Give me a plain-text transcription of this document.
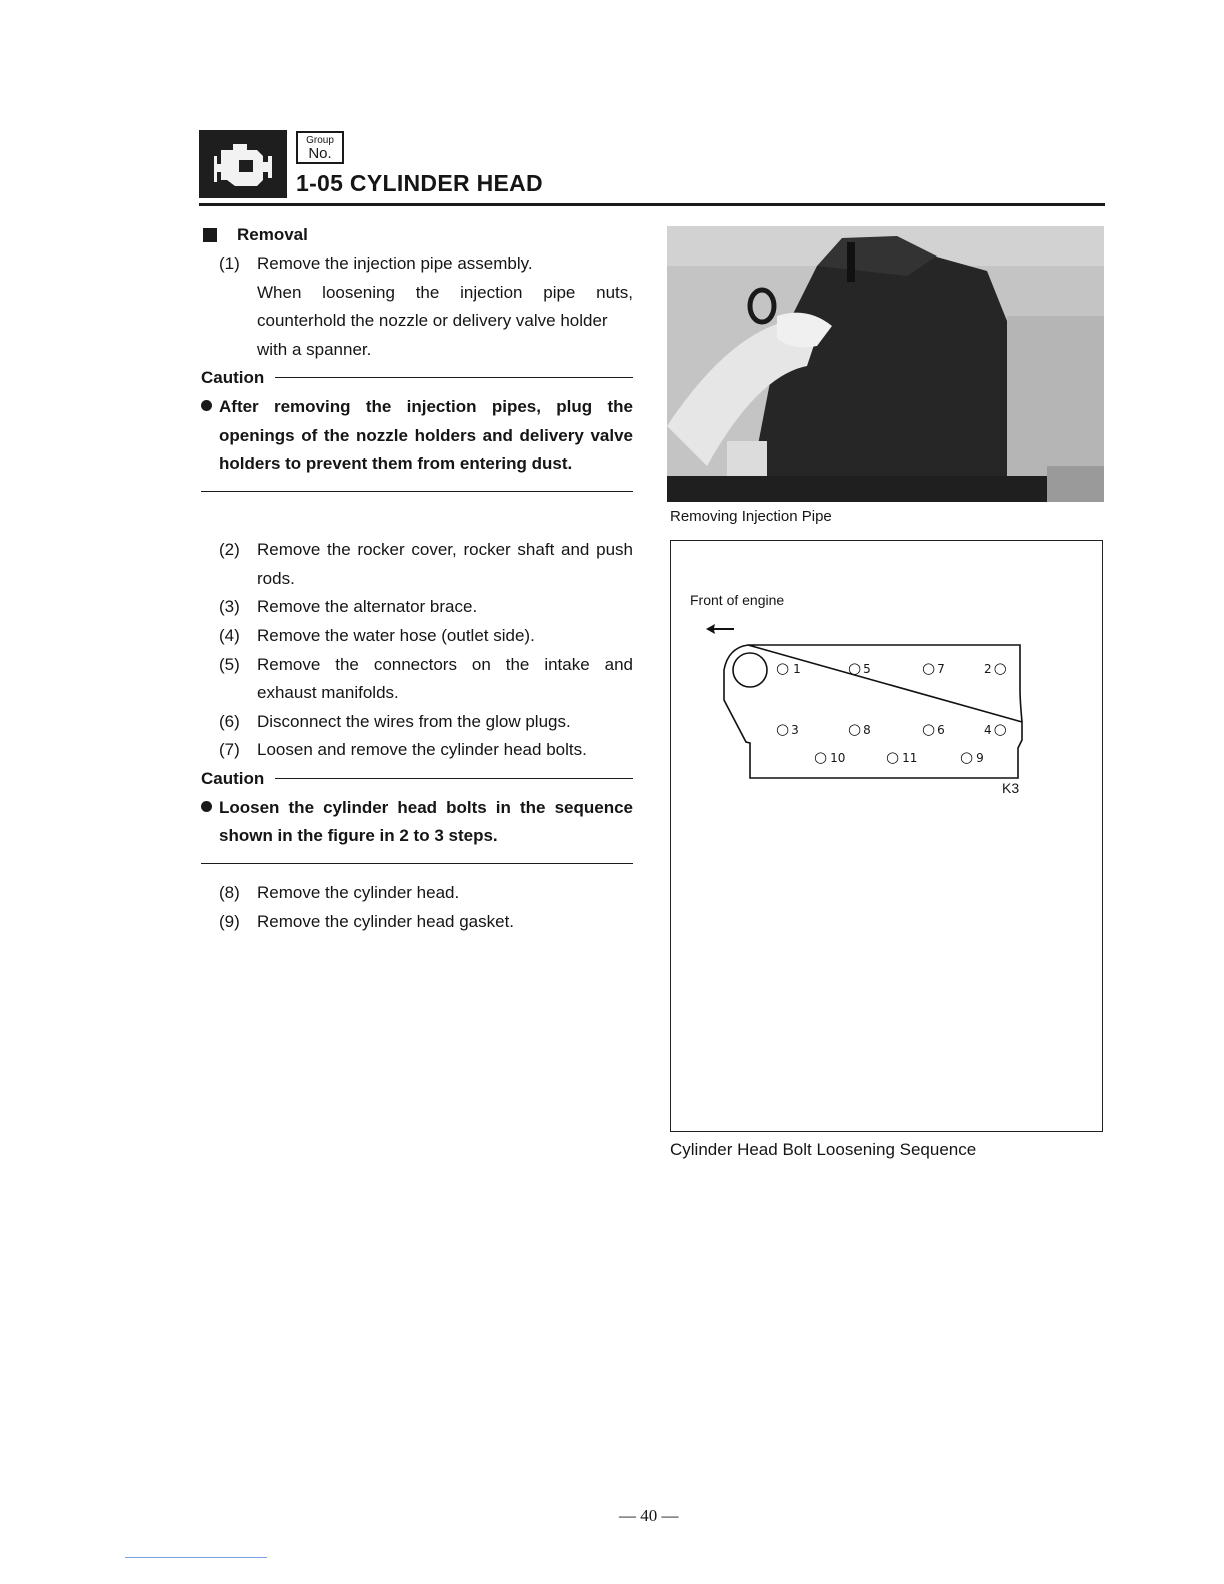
Group
No.
1-05 CYLINDER HEAD
Removal
(1)	Remove the injection pipe assembly.
When loosening the injection pipe nuts,
counterhold the nozzle or delivery valve holder
with a spanner.
Caution
After removing the injection pipes, plug the
openings of the nozzle holders and delivery valve
holders to prevent them from entering dust.
(2)	Remove the rocker cover, rocker shaft and push
rods.
(3)	Remove the alternator brace.
(4)	Remove the water hose (outlet side).
(5)	Remove the connectors on the intake and
exhaust manifolds.
(6)	Disconnect the wires from the glow plugs.
(7)	Loosen and remove the cylinder head bolts.
Caution
Loosen the cylinder head bolts in the sequence
shown in the figure in 2 to 3 steps.
(8)	Remove the cylinder head.
(9)	Remove the cylinder head gasket.
Removing Injection Pipe
Front of engine
○ 1	○ 5	○ 7	2 ○
○ 3	○ 8	○ 6	4 ○
○ 10	○ 11	○ 9
K3
Cylinder Head Bolt Loosening Sequence
— 40 —
